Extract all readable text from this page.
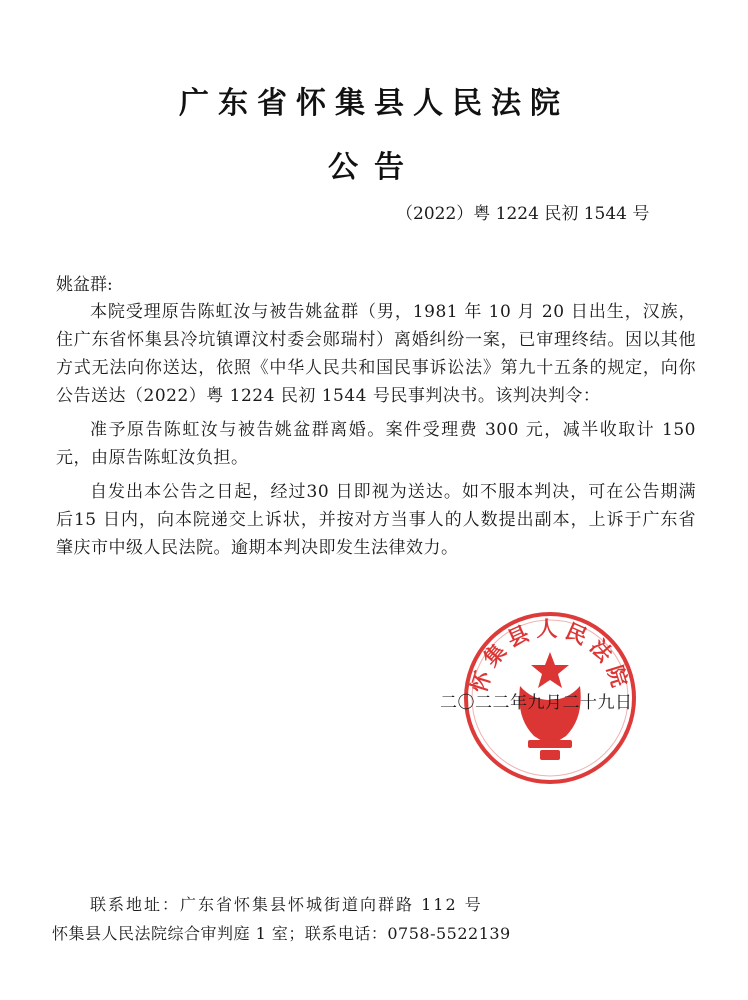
广东省怀集县人民法院
公告
（2022）粤 1224 民初 1544 号
姚盆群:

本院受理原告陈虹汝与被告姚盆群（男，1981 年 10 月 20 日出生，汉族，住广东省怀集县冷坑镇谭汶村委会郧瑞村）离婚纠纷一案，已审理终结。因以其他方式无法向你送达，依照《中华人民共和国民事诉讼法》第九十五条的规定，向你公告送达（2022）粤 1224 民初 1544 号民事判决书。该判决判令：

准予原告陈虹汝与被告姚盆群离婚。案件受理费 300 元，减半收取计 150 元，由原告陈虹汝负担。

自发出本公告之日起，经过30 日即视为送达。如不服本判决，可在公告期满后15 日内，向本院递交上诉状，并按对方当事人的人数提出副本，上诉于广东省肇庆市中级人民法院。逾期本判决即发生法律效力。

怀集县人民法院
二〇二二年九月二十九日
联系地址：广东省怀集县怀城街道向群路 112 号
怀集县人民法院综合审判庭 1 室；联系电话：0758-5522139
